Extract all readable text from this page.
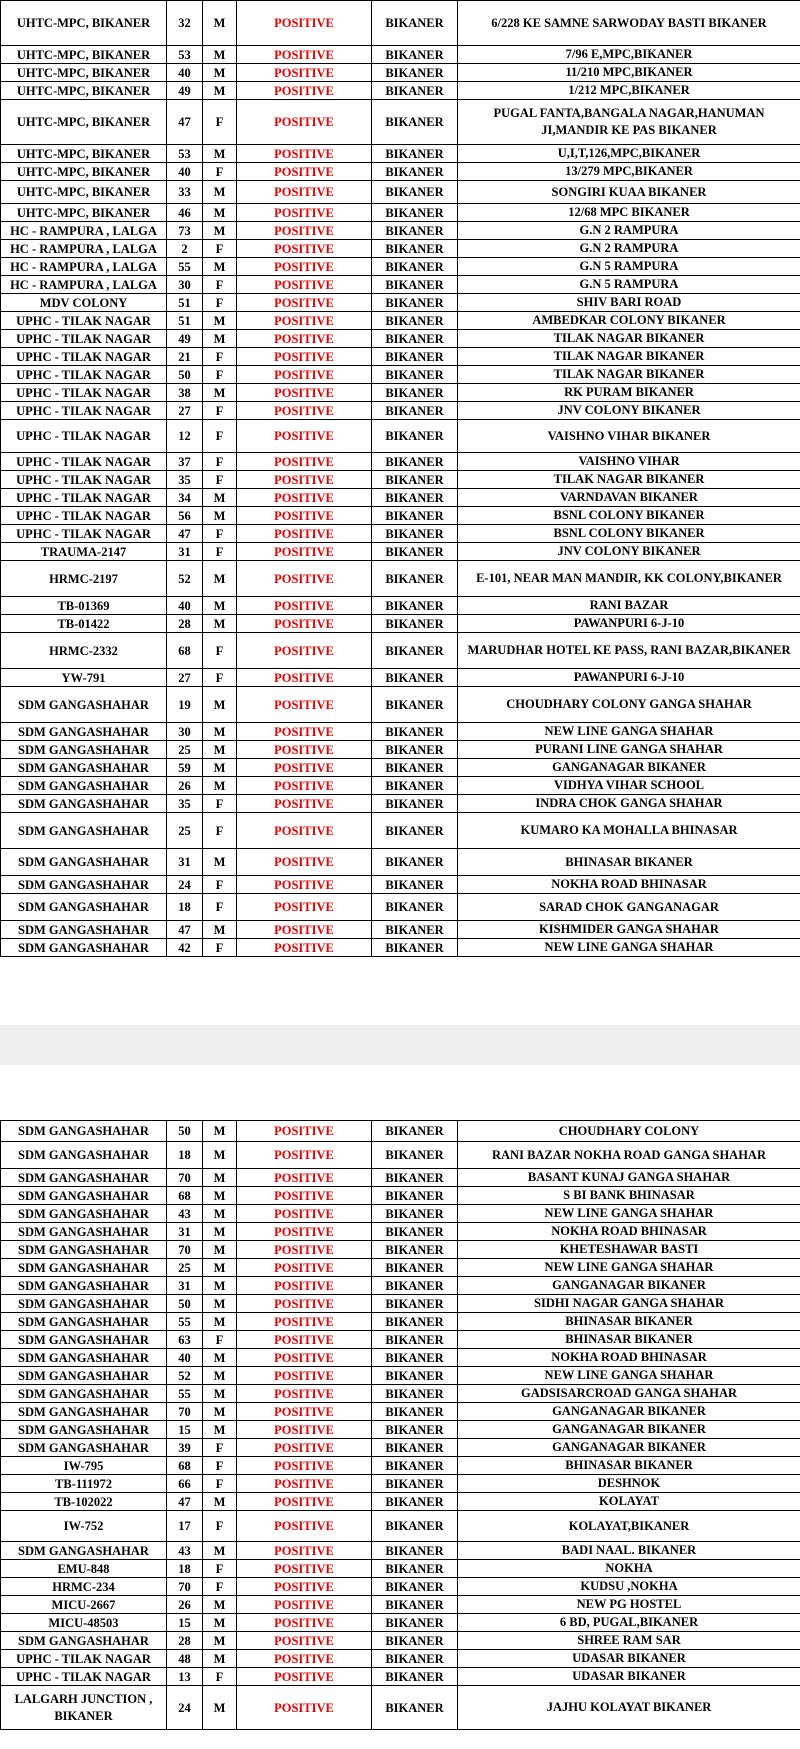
UHTC-MPC, BIKANER	32	M	POSITIVE	BIKANER	6/228 KE SAMNE SARWODAY BASTI BIKANER
UHTC-MPC, BIKANER	53	M	POSITIVE	BIKANER	7/96 E,MPC,BIKANER
UHTC-MPC, BIKANER	40	M	POSITIVE	BIKANER	11/210 MPC,BIKANER
UHTC-MPC, BIKANER	49	M	POSITIVE	BIKANER	1/212 MPC,BIKANER
UHTC-MPC, BIKANER	47	F	POSITIVE	BIKANER	PUGAL FANTA,BANGALA NAGAR,HANUMAN JI,MANDIR KE PAS BIKANER
UHTC-MPC, BIKANER	53	M	POSITIVE	BIKANER	U,I,T,126,MPC,BIKANER
UHTC-MPC, BIKANER	40	F	POSITIVE	BIKANER	13/279 MPC,BIKANER
UHTC-MPC, BIKANER	33	M	POSITIVE	BIKANER	SONGIRI KUAA BIKANER
UHTC-MPC, BIKANER	46	M	POSITIVE	BIKANER	12/68 MPC BIKANER
HC - RAMPURA , LALGA	73	M	POSITIVE	BIKANER	G.N 2 RAMPURA
HC - RAMPURA , LALGA	2	F	POSITIVE	BIKANER	G.N 2 RAMPURA
HC - RAMPURA , LALGA	55	M	POSITIVE	BIKANER	G.N 5 RAMPURA
HC - RAMPURA , LALGA	30	F	POSITIVE	BIKANER	G.N 5 RAMPURA
MDV COLONY	51	F	POSITIVE	BIKANER	SHIV BARI ROAD
UPHC - TILAK NAGAR	51	M	POSITIVE	BIKANER	AMBEDKAR COLONY BIKANER
UPHC - TILAK NAGAR	49	M	POSITIVE	BIKANER	TILAK NAGAR BIKANER
UPHC - TILAK NAGAR	21	F	POSITIVE	BIKANER	TILAK NAGAR BIKANER
UPHC - TILAK NAGAR	50	F	POSITIVE	BIKANER	TILAK NAGAR BIKANER
UPHC - TILAK NAGAR	38	M	POSITIVE	BIKANER	RK PURAM BIKANER
UPHC - TILAK NAGAR	27	F	POSITIVE	BIKANER	JNV COLONY BIKANER
UPHC - TILAK NAGAR	12	F	POSITIVE	BIKANER	VAISHNO VIHAR BIKANER
UPHC - TILAK NAGAR	37	F	POSITIVE	BIKANER	VAISHNO VIHAR
UPHC - TILAK NAGAR	35	F	POSITIVE	BIKANER	TILAK NAGAR BIKANER
UPHC - TILAK NAGAR	34	M	POSITIVE	BIKANER	VARNDAVAN BIKANER
UPHC - TILAK NAGAR	56	M	POSITIVE	BIKANER	BSNL COLONY BIKANER
UPHC - TILAK NAGAR	47	F	POSITIVE	BIKANER	BSNL COLONY BIKANER
TRAUMA-2147	31	F	POSITIVE	BIKANER	JNV COLONY BIKANER
HRMC-2197	52	M	POSITIVE	BIKANER	E-101, NEAR MAN MANDIR, KK COLONY,BIKANER
TB-01369	40	M	POSITIVE	BIKANER	RANI BAZAR
TB-01422	28	M	POSITIVE	BIKANER	PAWANPURI 6-J-10
HRMC-2332	68	F	POSITIVE	BIKANER	MARUDHAR HOTEL KE PASS, RANI BAZAR,BIKANER
YW-791	27	F	POSITIVE	BIKANER	PAWANPURI 6-J-10
SDM GANGASHAHAR	19	M	POSITIVE	BIKANER	CHOUDHARY COLONY GANGA SHAHAR
SDM GANGASHAHAR	30	M	POSITIVE	BIKANER	NEW LINE GANGA SHAHAR
SDM GANGASHAHAR	25	M	POSITIVE	BIKANER	PURANI LINE GANGA SHAHAR
SDM GANGASHAHAR	59	M	POSITIVE	BIKANER	GANGANAGAR BIKANER
SDM GANGASHAHAR	26	M	POSITIVE	BIKANER	VIDHYA VIHAR SCHOOL
SDM GANGASHAHAR	35	F	POSITIVE	BIKANER	INDRA CHOK GANGA SHAHAR
SDM GANGASHAHAR	25	F	POSITIVE	BIKANER	KUMARO KA MOHALLA BHINASAR
SDM GANGASHAHAR	31	M	POSITIVE	BIKANER	BHINASAR BIKANER
SDM GANGASHAHAR	24	F	POSITIVE	BIKANER	NOKHA ROAD BHINASAR
SDM GANGASHAHAR	18	F	POSITIVE	BIKANER	SARAD CHOK GANGANAGAR
SDM GANGASHAHAR	47	M	POSITIVE	BIKANER	KISHMIDER GANGA SHAHAR
SDM GANGASHAHAR	42	F	POSITIVE	BIKANER	NEW LINE GANGA SHAHAR
SDM GANGASHAHAR	50	M	POSITIVE	BIKANER	CHOUDHARY COLONY
SDM GANGASHAHAR	18	M	POSITIVE	BIKANER	RANI BAZAR NOKHA ROAD GANGA SHAHAR
SDM GANGASHAHAR	70	M	POSITIVE	BIKANER	BASANT KUNAJ GANGA SHAHAR
SDM GANGASHAHAR	68	M	POSITIVE	BIKANER	S BI BANK BHINASAR
SDM GANGASHAHAR	43	M	POSITIVE	BIKANER	NEW LINE GANGA SHAHAR
SDM GANGASHAHAR	31	M	POSITIVE	BIKANER	NOKHA ROAD BHINASAR
SDM GANGASHAHAR	70	M	POSITIVE	BIKANER	KHETESHAWAR BASTI
SDM GANGASHAHAR	25	M	POSITIVE	BIKANER	NEW LINE GANGA SHAHAR
SDM GANGASHAHAR	31	M	POSITIVE	BIKANER	GANGANAGAR BIKANER
SDM GANGASHAHAR	50	M	POSITIVE	BIKANER	SIDHI NAGAR GANGA SHAHAR
SDM GANGASHAHAR	55	M	POSITIVE	BIKANER	BHINASAR BIKANER
SDM GANGASHAHAR	63	F	POSITIVE	BIKANER	BHINASAR BIKANER
SDM GANGASHAHAR	40	M	POSITIVE	BIKANER	NOKHA ROAD BHINASAR
SDM GANGASHAHAR	52	M	POSITIVE	BIKANER	NEW LINE GANGA SHAHAR
SDM GANGASHAHAR	55	M	POSITIVE	BIKANER	GADSISARCROAD GANGA SHAHAR
SDM GANGASHAHAR	70	M	POSITIVE	BIKANER	GANGANAGAR BIKANER
SDM GANGASHAHAR	15	M	POSITIVE	BIKANER	GANGANAGAR BIKANER
SDM GANGASHAHAR	39	F	POSITIVE	BIKANER	GANGANAGAR BIKANER
IW-795	68	F	POSITIVE	BIKANER	BHINASAR BIKANER
TB-111972	66	F	POSITIVE	BIKANER	DESHNOK
TB-102022	47	M	POSITIVE	BIKANER	KOLAYAT
IW-752	17	F	POSITIVE	BIKANER	KOLAYAT,BIKANER
SDM GANGASHAHAR	43	M	POSITIVE	BIKANER	BADI NAAL. BIKANER
EMU-848	18	F	POSITIVE	BIKANER	NOKHA
HRMC-234	70	F	POSITIVE	BIKANER	KUDSU ,NOKHA
MICU-2667	26	M	POSITIVE	BIKANER	NEW PG HOSTEL
MICU-48503	15	M	POSITIVE	BIKANER	6 BD, PUGAL,BIKANER
SDM GANGASHAHAR	28	M	POSITIVE	BIKANER	SHREE RAM SAR
UPHC - TILAK NAGAR	48	M	POSITIVE	BIKANER	UDASAR BIKANER
UPHC - TILAK NAGAR	13	F	POSITIVE	BIKANER	UDASAR BIKANER
LALGARH JUNCTION , BIKANER	24	M	POSITIVE	BIKANER	JAJHU KOLAYAT BIKANER
